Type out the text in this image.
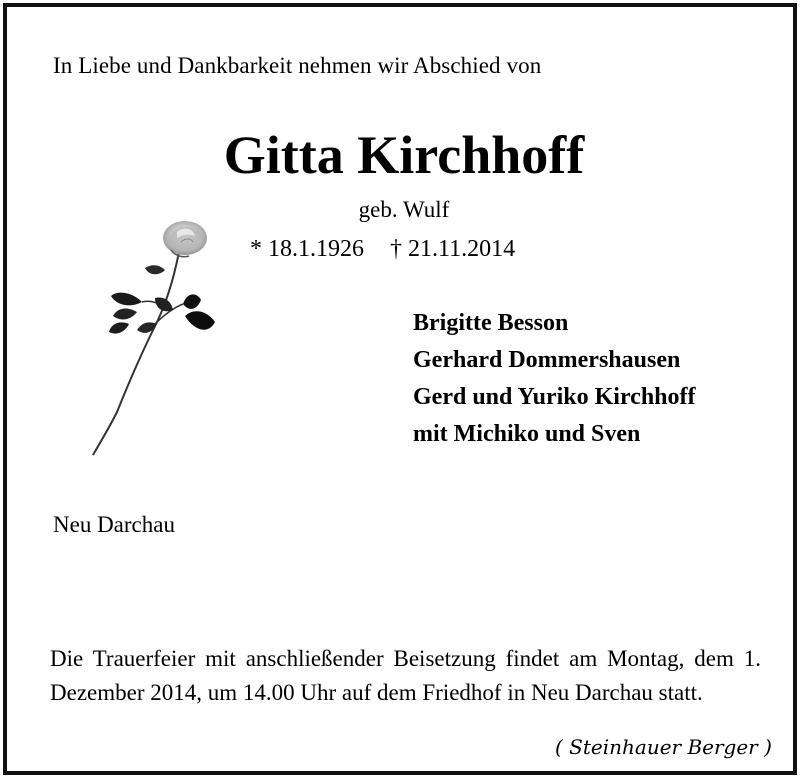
In Liebe und Dankbarkeit nehmen wir Abschied von
Gitta Kirchhoff
geb. Wulf
* 18.1.1926 † 21.11.2014
Brigitte Besson
Gerhard Dommershausen
Gerd und Yuriko Kirchhoff
mit Michiko und Sven
Neu Darchau

Die Trauerfeier mit anschließender Beisetzung findet am Montag, dem 1. Dezember 2014, um 14.00 Uhr auf dem Friedhof in Neu Darchau statt.

( Steinhauer Berger )
